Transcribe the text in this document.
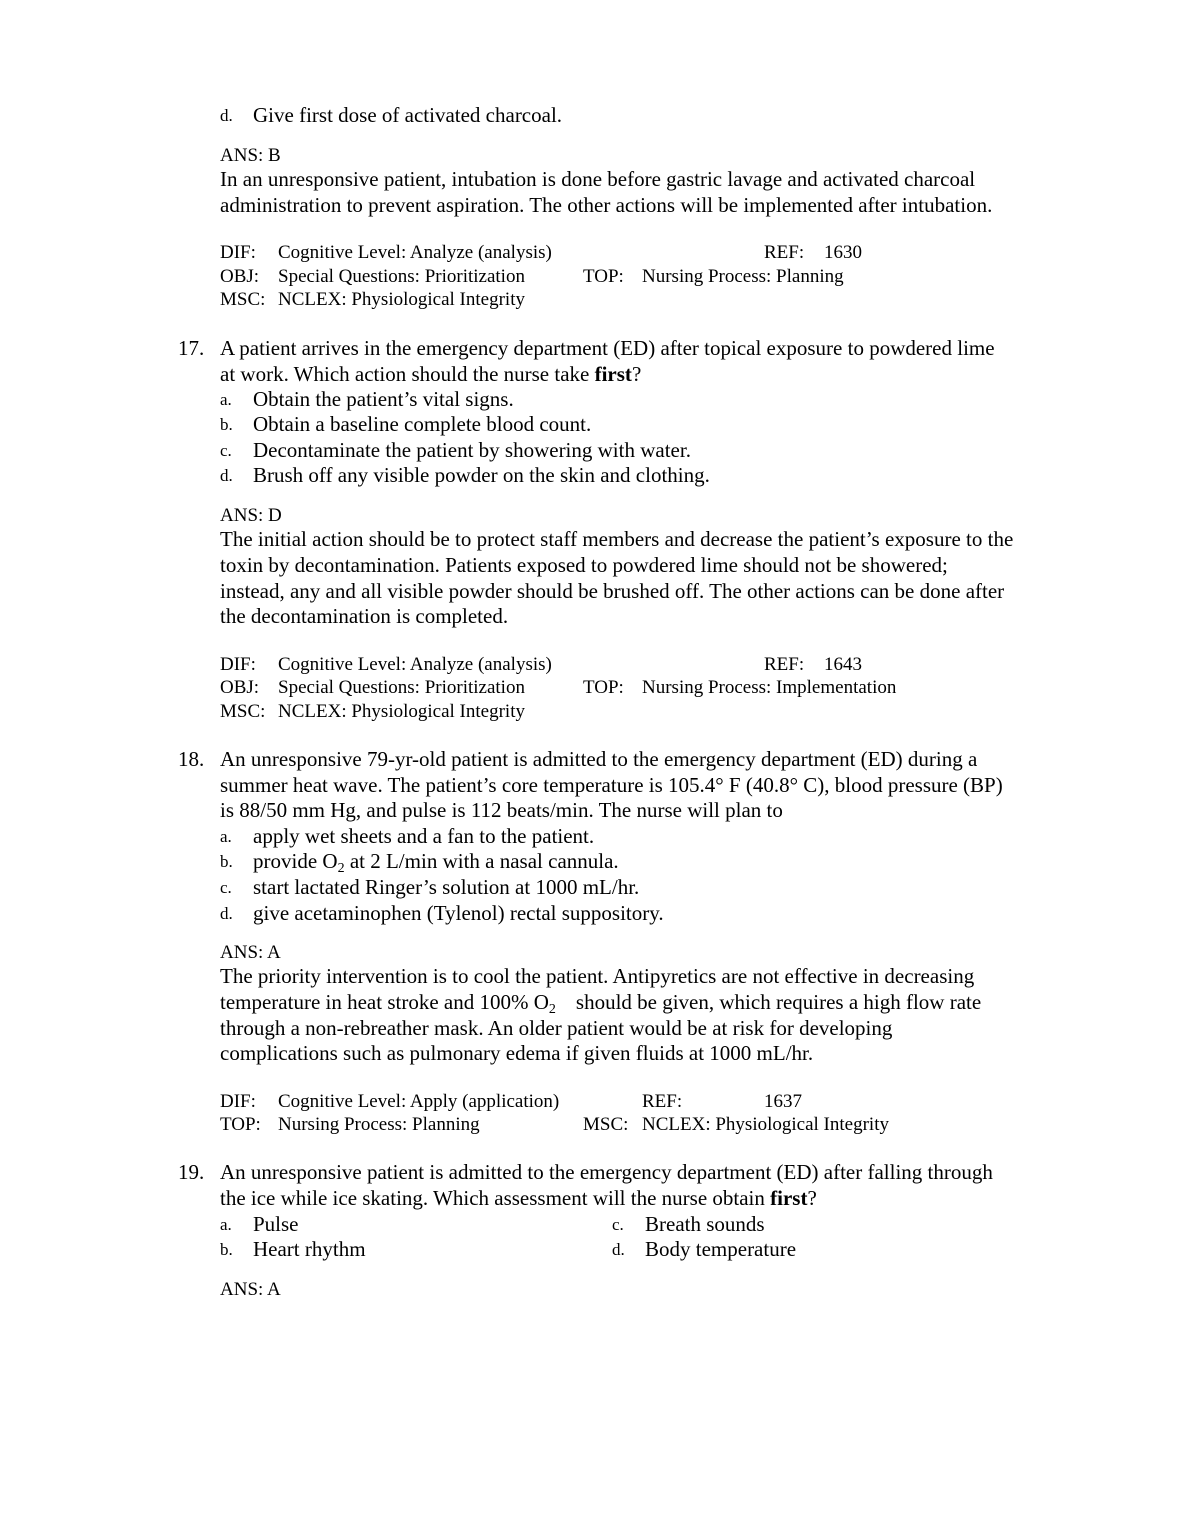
d. Give first dose of activated charcoal.
ANS: B
In an unresponsive patient, intubation is done before gastric lavage and activated charcoal
administration to prevent aspiration. The other actions will be implemented after intubation.
DIF: Cognitive Level: Analyze (analysis)	REF: 1630
OBJ: Special Questions: Prioritization	TOP: Nursing Process: Planning
MSC: NCLEX: Physiological Integrity
17. A patient arrives in the emergency department (ED) after topical exposure to powdered lime
at work. Which action should the nurse take first?
a. Obtain the patient’s vital signs.
b. Obtain a baseline complete blood count.
c. Decontaminate the patient by showering with water.
d. Brush off any visible powder on the skin and clothing.
ANS: D
The initial action should be to protect staff members and decrease the patient’s exposure to the
toxin by decontamination. Patients exposed to powdered lime should not be showered;
instead, any and all visible powder should be brushed off. The other actions can be done after
the decontamination is completed.
DIF: Cognitive Level: Analyze (analysis)	REF: 1643
OBJ: Special Questions: Prioritization	TOP: Nursing Process: Implementation
MSC: NCLEX: Physiological Integrity
18. An unresponsive 79-yr-old patient is admitted to the emergency department (ED) during a
summer heat wave. The patient’s core temperature is 105.4° F (40.8° C), blood pressure (BP)
is 88/50 mm Hg, and pulse is 112 beats/min. The nurse will plan to
a. apply wet sheets and a fan to the patient.
b. provide $O_2$ at 2 L/min with a nasal cannula.
c. start lactated Ringer’s solution at 1000 mL/hr.
d. give acetaminophen (Tylenol) rectal suppository.
ANS: A
The priority intervention is to cool the patient. Antipyretics are not effective in decreasing
temperature in heat stroke and 100% $O_2$ should be given, which requires a high flow rate
through a non-rebreather mask. An older patient would be at risk for developing
complications such as pulmonary edema if given fluids at 1000 mL/hr.
DIF: Cognitive Level: Apply (application)	REF:	1637
TOP: Nursing Process: Planning	MSC: NCLEX: Physiological Integrity
19. An unresponsive patient is admitted to the emergency department (ED) after falling through
the ice while ice skating. Which assessment will the nurse obtain first?
a. Pulse
b. Heart rhythm
c. Breath sounds
d. Body temperature
ANS: A
